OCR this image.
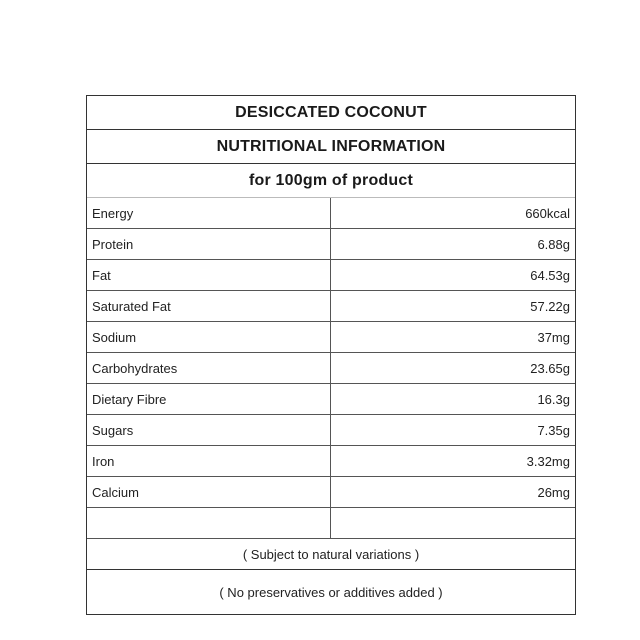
DESICCATED COCONUT
NUTRITIONAL INFORMATION
for 100gm of product
Energy	660kcal
Protein	6.88g
Fat	64.53g
Saturated Fat	57.22g
Sodium	37mg
Carbohydrates	23.65g
Dietary Fibre	16.3g
Sugars	7.35g
Iron	3.32mg
Calcium	26mg
( Subject to natural variations )
( No preservatives or additives added )
